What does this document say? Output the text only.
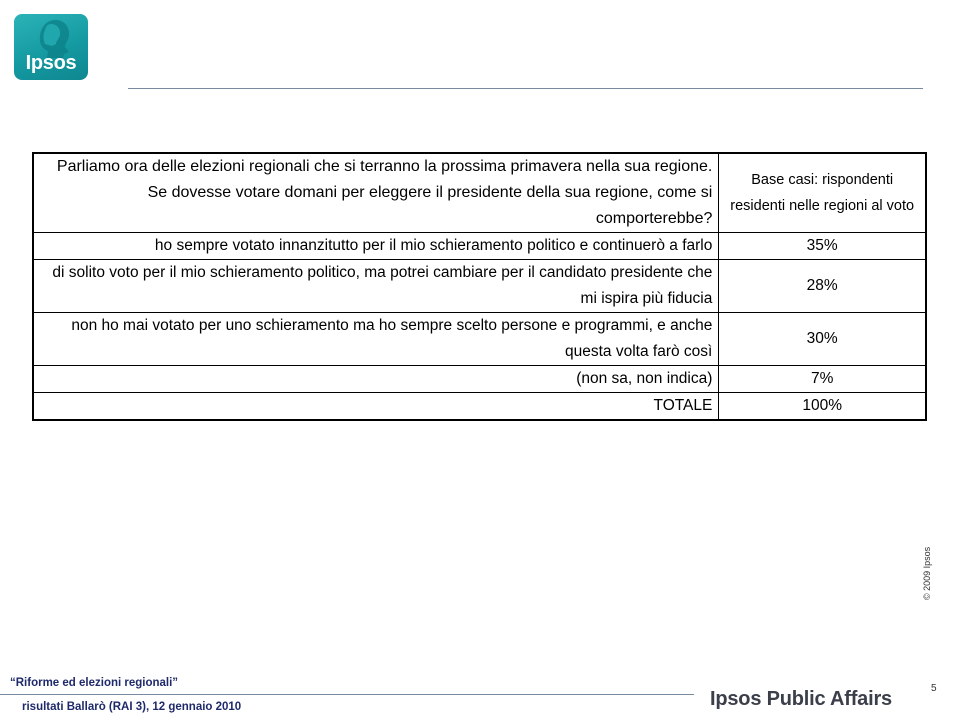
Ipsos
Parliamo ora delle elezioni regionali che si terranno la prossima primavera nella sua regione. Se dovesse votare domani per eleggere il presidente della sua regione, come si comporterebbe?	Base casi: rispondenti residenti nelle regioni al voto
ho sempre votato innanzitutto per il mio schieramento politico e continuerò a farlo	35%
di solito voto per il mio schieramento politico, ma potrei cambiare per il candidato presidente che mi ispira più fiducia	28%
non ho mai votato per uno schieramento ma ho sempre scelto persone e programmi, e anche questa volta farò così	30%
(non sa, non indica)	7%
TOTALE	100%
© 2009 Ipsos
5
“Riforme ed elezioni regionali”
risultati Ballarò (RAI 3), 12 gennaio 2010	Ipsos Public Affairs
